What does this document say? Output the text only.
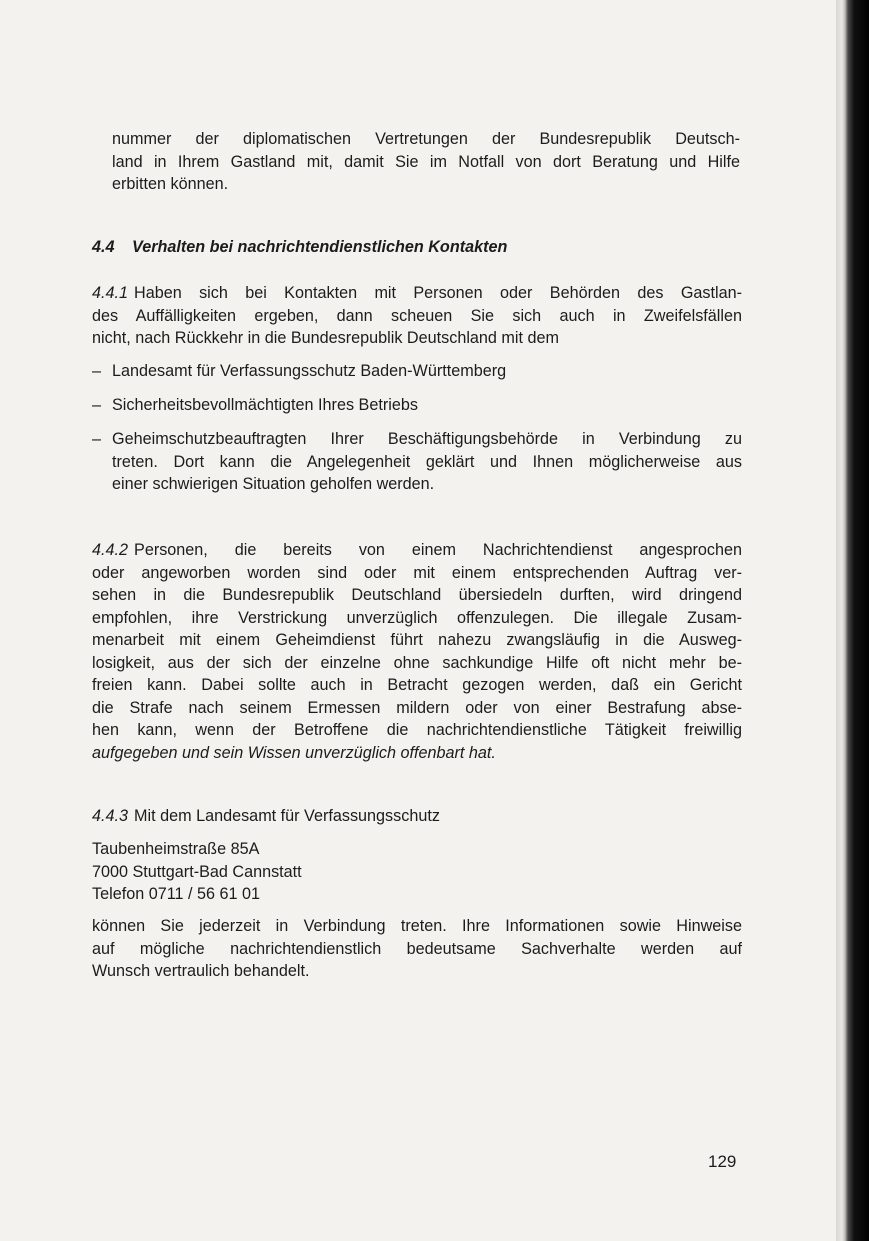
nummer der diplomatischen Vertretungen der Bundesrepublik Deutsch-
land in Ihrem Gastland mit, damit Sie im Notfall von dort Beratung und Hilfe
erbitten können.
4.4 Verhalten bei nachrichtendienstlichen Kontakten
4.4.1 Haben sich bei Kontakten mit Personen oder Behörden des Gastlan-
des Auffälligkeiten ergeben, dann scheuen Sie sich auch in Zweifelsfällen
nicht, nach Rückkehr in die Bundesrepublik Deutschland mit dem
– Landesamt für Verfassungsschutz Baden-Württemberg
– Sicherheitsbevollmächtigten Ihres Betriebs
– Geheimschutzbeauftragten Ihrer Beschäftigungsbehörde in Verbindung zu
treten. Dort kann die Angelegenheit geklärt und Ihnen möglicherweise aus
einer schwierigen Situation geholfen werden.
4.4.2 Personen, die bereits von einem Nachrichtendienst angesprochen
oder angeworben worden sind oder mit einem entsprechenden Auftrag ver-
sehen in die Bundesrepublik Deutschland übersiedeln durften, wird dringend
empfohlen, ihre Verstrickung unverzüglich offenzulegen. Die illegale Zusam-
menarbeit mit einem Geheimdienst führt nahezu zwangsläufig in die Ausweg-
losigkeit, aus der sich der einzelne ohne sachkundige Hilfe oft nicht mehr be-
freien kann. Dabei sollte auch in Betracht gezogen werden, daß ein Gericht
die Strafe nach seinem Ermessen mildern oder von einer Bestrafung abse-
hen kann, wenn der Betroffene die nachrichtendienstliche Tätigkeit freiwillig
aufgegeben und sein Wissen unverzüglich offenbart hat.
4.4.3 Mit dem Landesamt für Verfassungsschutz
Taubenheimstraße 85A
7000 Stuttgart-Bad Cannstatt
Telefon 0711 / 56 61 01
können Sie jederzeit in Verbindung treten. Ihre Informationen sowie Hinweise
auf mögliche nachrichtendienstlich bedeutsame Sachverhalte werden auf
Wunsch vertraulich behandelt.
129
